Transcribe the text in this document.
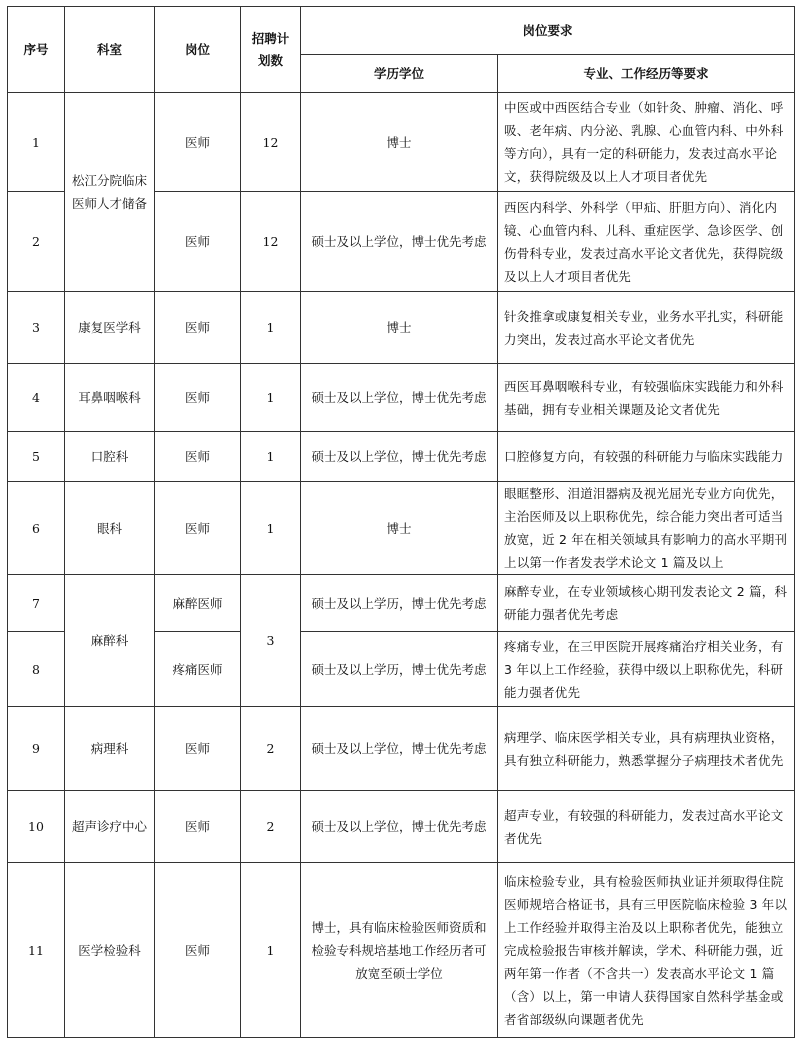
序号	科室	岗位	招聘计划数	岗位要求	
				学历学位	专业、工作经历等要求
1	松江分院临床医师人才储备	医师	12	博士	中医或中西医结合专业（如针灸、肿瘤、消化、呼吸、老年病、内分泌、乳腺、心血管内科、中外科等方向），具有一定的科研能力，发表过高水平论文，获得院级及以上人才项目者优先
2		医师	12	硕士及以上学位，博士优先考虑	西医内科学、外科学（甲疝、肝胆方向）、消化内镜、心血管内科、儿科、重症医学、急诊医学、创伤骨科专业，发表过高水平论文者优先，获得院级及以上人才项目者优先
3	康复医学科	医师	1	博士	针灸推拿或康复相关专业，业务水平扎实，科研能力突出，发表过高水平论文者优先
4	耳鼻咽喉科	医师	1	硕士及以上学位，博士优先考虑	西医耳鼻咽喉科专业，有较强临床实践能力和外科基础，拥有专业相关课题及论文者优先
5	口腔科	医师	1	硕士及以上学位，博士优先考虑	口腔修复方向，有较强的科研能力与临床实践能力
6	眼科	医师	1	博士	眼眶整形、泪道泪器病及视光屈光专业方向优先，主治医师及以上职称优先，综合能力突出者可适当放宽，近 2 年在相关领域具有影响力的高水平期刊上以第一作者发表学术论文 1 篇及以上
7	麻醉科	麻醉医师	3	硕士及以上学历，博士优先考虑	麻醉专业，在专业领域核心期刊发表论文 2 篇，科研能力强者优先考虑
8		疼痛医师		硕士及以上学历，博士优先考虑	疼痛专业，在三甲医院开展疼痛治疗相关业务，有 3 年以上工作经验，获得中级以上职称优先，科研能力强者优先
9	病理科	医师	2	硕士及以上学位，博士优先考虑	病理学、临床医学相关专业，具有病理执业资格，具有独立科研能力，熟悉掌握分子病理技术者优先
10	超声诊疗中心	医师	2	硕士及以上学位，博士优先考虑	超声专业，有较强的科研能力，发表过高水平论文者优先
11	医学检验科	医师	1	博士，具有临床检验医师资质和检验专科规培基地工作经历者可放宽至硕士学位	临床检验专业，具有检验医师执业证并须取得住院医师规培合格证书，具有三甲医院临床检验 3 年以上工作经验并取得主治及以上职称者优先，能独立完成检验报告审核并解读，学术、科研能力强，近两年第一作者（不含共一）发表高水平论文 1 篇（含）以上，第一申请人获得国家自然科学基金或者省部级纵向课题者优先
